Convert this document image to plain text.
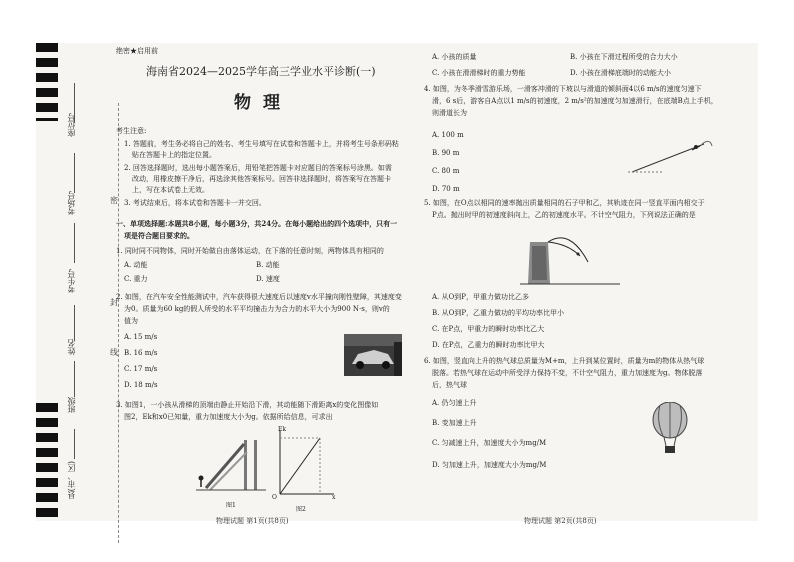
座位号
考场号
考生号
姓名
班级
县(市、区)
密
封
线
绝密★启用前
海南省2024—2025学年高三学业水平诊断(一)
物理
考生注意:
1. 答题前，考生务必将自己的姓名、考生号填写在试卷和答题卡上，并将考生号条形码粘
贴在答题卡上的指定位置。
2. 回答选择题时，选出每小题答案后，用铅笔把答题卡对应题目的答案标号涂黑。如需
改动，用橡皮擦干净后，再选涂其他答案标号。回答非选择题时，将答案写在答题卡
上，写在本试卷上无效。
3. 考试结束后，将本试卷和答题卡一并交回。
一、单项选择题:本题共8小题，每小题3分，共24分。在每小题给出的四个选项中，只有一
项是符合题目要求的。
1. 同时同不同物体，同时开始做自由落体运动，在下落的任意时刻，两物体具有相同的
A. 动能	B. 动能
C. 重力	D. 速度
2. 如图，在汽车安全性能测试中，汽车获得很大速度后以速度v水平撞向刚性壁障，其速度变
为0。质量为60 kg的假人所受的水平平均撞击力为合力的水平大小为900 N·s，则v的
值为
A. 15 m/s
B. 16 m/s
C. 17 m/s
D. 18 m/s
3. 如图1，一小孩从滑梯的顶端由静止开始沿下滑，其动能随下滑距离x的变化图像如
图2，Ek和x0已知量，重力加速度大小为g。依据所给信息，可求出
图1
Ek
x
O
图2
物理试题 第1页(共8页)
A. 小孩的质量	B. 小孩在下滑过程所受的合力大小
C. 小孩在滑滑梯时的重力势能	D. 小孩在滑梯底端时的动能大小
4. 如图，为冬季滑雪游乐场，一滑客冲滑的下坡以与滑道的倾斜面4以6 m/s的速度匀速下
滑，6 s后，游客自A点以1 m/s的初速度，2 m/s²的加速度匀加速滑行，在底端B点上手机，
则滑道长为
A. 100 m
B. 90 m
C. 80 m
D. 70 m
5. 如图，在O点以相同的速率抛出质量相同的石子甲和乙，其轨迹在同一竖直平面内相交于
P点。抛出时甲的初速度斜向上，乙的初速度水平。不计空气阻力，下列说法正确的是
A. 从O到P，甲重力做功比乙多
B. 从O到P，乙重力做功的平均功率比甲小
C. 在P点，甲重力的瞬时功率比乙大
D. 在P点，乙重力的瞬时功率比甲大
6. 如图，竖直向上升的热气球总质量为M+m，上升到某位置时，质量为m的物体从热气球
脱落。若热气球在运动中所受浮力保持不变，不计空气阻力，重力加速度为g。物体脱落
后，热气球
A. 仍匀速上升
B. 变加速上升
C. 匀减速上升，加速度大小为mg/M
D. 匀加速上升，加速度大小为mg/M
物理试题 第2页(共8页)
